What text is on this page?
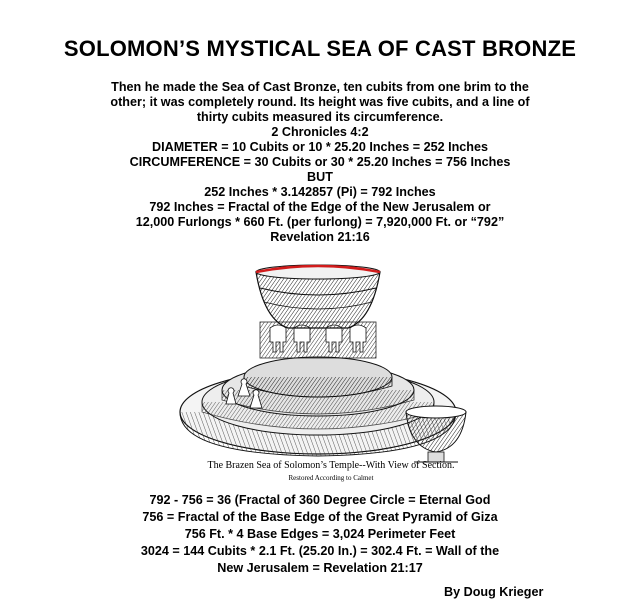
SOLOMON’S MYSTICAL SEA OF CAST BRONZE
Then he made the Sea of Cast Bronze, ten cubits from one brim to the
other; it was completely round. Its height was five cubits, and a line of
thirty cubits measured its circumference.
2 Chronicles 4:2
DIAMETER = 10 Cubits or 10 * 25.20 Inches = 252 Inches
CIRCUMFERENCE = 30 Cubits or 30 * 25.20 Inches = 756 Inches
BUT
252 Inches * 3.142857 (Pi) = 792 Inches
792 Inches = Fractal of the Edge of the New Jerusalem or
12,000 Furlongs * 660 Ft. (per furlong) = 7,920,000 Ft. or “792”
Revelation 21:16
The Brazen Sea of Solomon’s Temple--With View of Section.
Restored According to Calmet
792 - 756 = 36 (Fractal of 360 Degree Circle = Eternal God
756 = Fractal of the Base Edge of the Great Pyramid of Giza
756 Ft. * 4 Base Edges = 3,024 Perimeter Feet
3024 = 144 Cubits * 2.1 Ft. (25.20 In.) = 302.4 Ft. = Wall of the
New Jerusalem = Revelation 21:17
By Doug Krieger
